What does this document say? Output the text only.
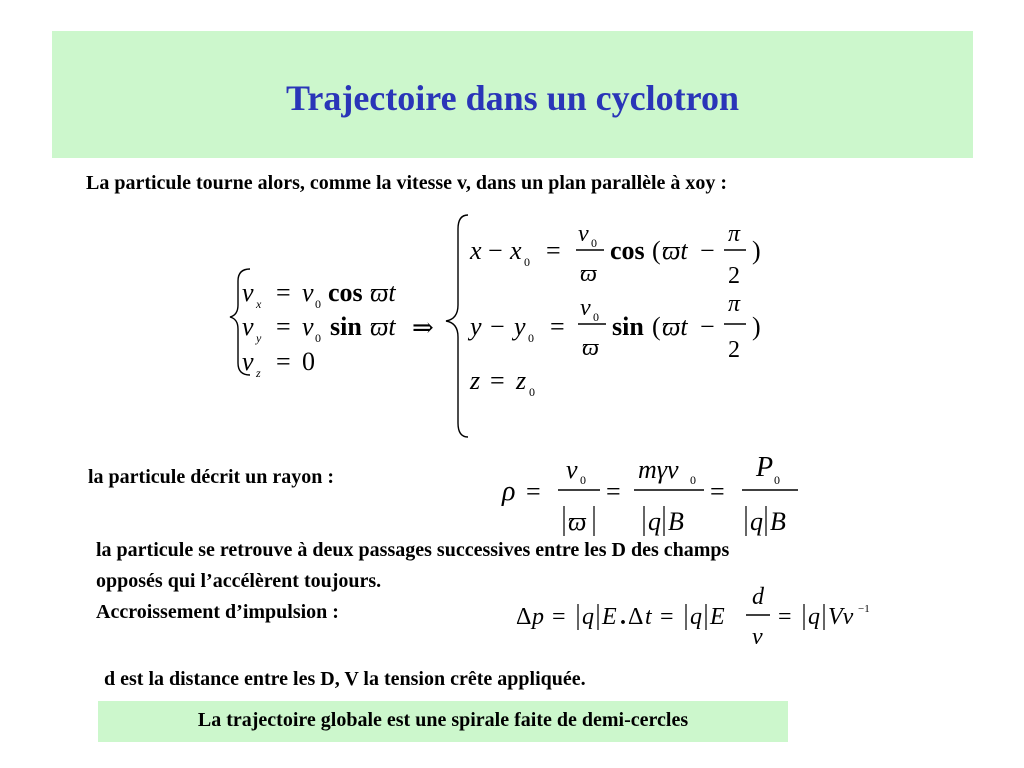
Trajectoire dans un cyclotron
La particule tourne alors, comme la vitesse v, dans un plan parallèle à xoy :
v x = v 0 cos ϖt
v y = v 0 sin ϖt
v z = 0
⇒
x − x 0 =
v 0
ϖ
cos ( ϖt −
π
2
)
y − y 0 =
v 0
ϖ
sin ( ϖt −
π
2
)
z = z 0
la particule décrit un rayon :	ρ =
v 0
ϖ
=
mγv 0
q B
=
P 0
q B
la particule se retrouve à deux passages successives entre les D des champs
opposés qui l’accélèrent toujours.
Accroissement d’impulsion :	Δ p = q E . Δ t = q E
d
v
= q Vv −1
d est la distance entre les D, V la tension crête appliquée.
La trajectoire globale est une spirale faite de demi-cercles
